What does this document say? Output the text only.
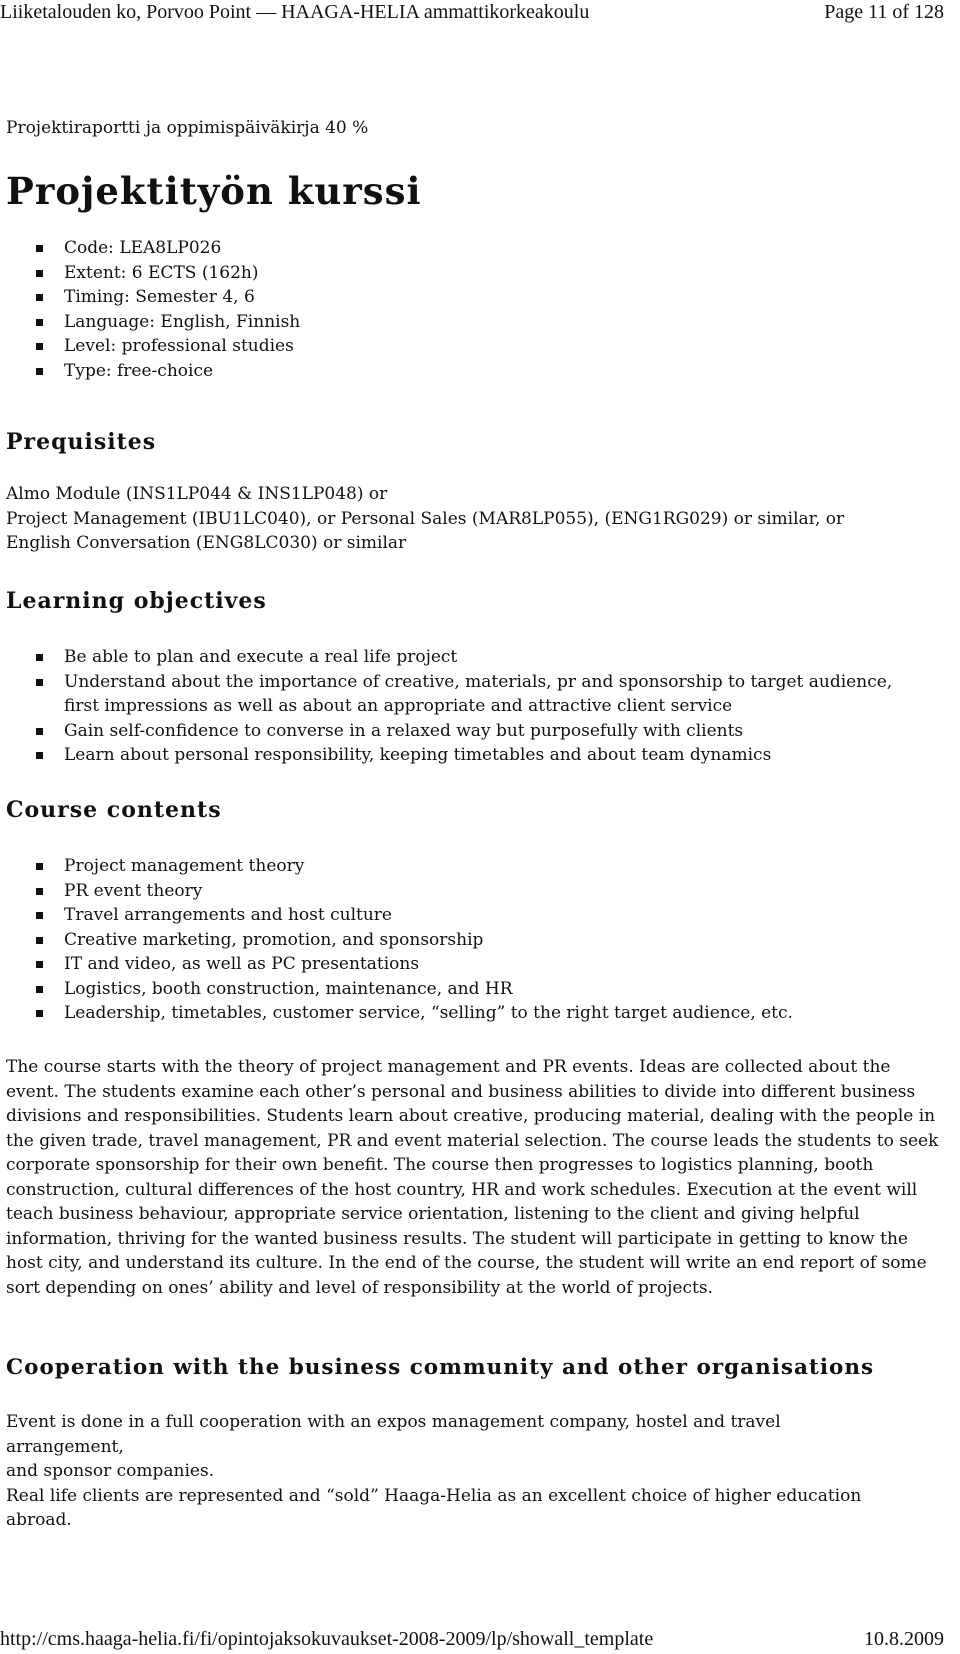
Liiketalouden ko, Porvoo Point — HAAGA-HELIA ammattikorkeakoulu	Page 11 of 128
Projektiraportti ja oppimispäiväkirja 40 %
Projektityön kurssi
Code: LEA8LP026
Extent: 6 ECTS (162h)
Timing: Semester 4, 6
Language: English, Finnish
Level: professional studies
Type: free-choice
Prequisites
Almo Module (INS1LP044 & INS1LP048) or
Project Management (IBU1LC040), or Personal Sales (MAR8LP055), (ENG1RG029) or similar, or
English Conversation (ENG8LC030) or similar
Learning objectives
Be able to plan and execute a real life project
Understand about the importance of creative, materials, pr and sponsorship to target audience, first impressions as well as about an appropriate and attractive client service
Gain self-confidence to converse in a relaxed way but purposefully with clients
Learn about personal responsibility, keeping timetables and about team dynamics
Course contents
Project management theory
PR event theory
Travel arrangements and host culture
Creative marketing, promotion, and sponsorship
IT and video, as well as PC presentations
Logistics, booth construction, maintenance, and HR
Leadership, timetables, customer service, “selling” to the right target audience, etc.

The course starts with the theory of project management and PR events. Ideas are collected about the event. The students examine each other’s personal and business abilities to divide into different business divisions and responsibilities. Students learn about creative, producing material, dealing with the people in the given trade, travel management, PR and event material selection. The course leads the students to seek corporate sponsorship for their own benefit. The course then progresses to logistics planning, booth construction, cultural differences of the host country, HR and work schedules. Execution at the event will teach business behaviour, appropriate service orientation, listening to the client and giving helpful information, thriving for the wanted business results. The student will participate in getting to know the host city, and understand its culture. In the end of the course, the student will write an end report of some sort depending on ones’ ability and level of responsibility at the world of projects.

Cooperation with the business community and other organisations
Event is done in a full cooperation with an expos management company, hostel and travel arrangement,
and sponsor companies.
Real life clients are represented and “sold” Haaga-Helia as an excellent choice of higher education abroad.
http://cms.haaga-helia.fi/fi/opintojaksokuvaukset-2008-2009/lp/showall_template	10.8.2009
